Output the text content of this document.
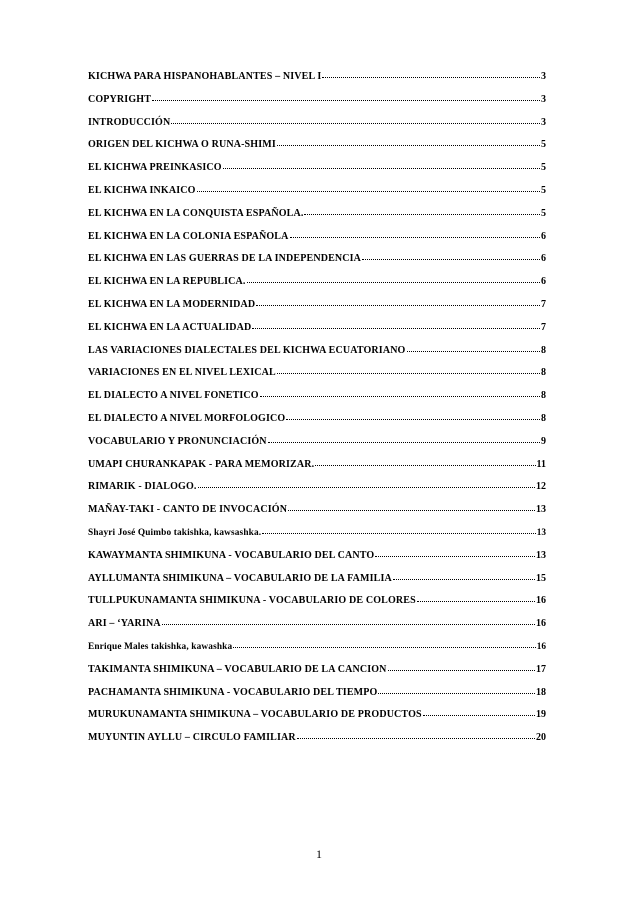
KICHWA PARA HISPANOHABLANTES – NIVEL I	3
COPYRIGHT	3
INTRODUCCIÓN	3
ORIGEN DEL KICHWA O RUNA-SHIMI	5
EL KICHWA PREINKASICO	5
EL KICHWA INKAICO	5
EL KICHWA EN LA CONQUISTA ESPAÑOLA.	5
EL KICHWA EN LA COLONIA ESPAÑOLA	6
EL KICHWA EN LAS GUERRAS DE LA INDEPENDENCIA	6
EL KICHWA EN LA REPUBLICA.	6
EL KICHWA EN LA MODERNIDAD	7
EL KICHWA EN LA ACTUALIDAD	7
LAS VARIACIONES DIALECTALES DEL KICHWA ECUATORIANO	8
VARIACIONES EN EL NIVEL LEXICAL	8
EL DIALECTO A NIVEL FONETICO	8
EL DIALECTO A NIVEL MORFOLOGICO	8
VOCABULARIO Y PRONUNCIACIÓN	9
UMAPI CHURANKAPAK - PARA MEMORIZAR.	11
RIMARIK - DIALOGO.	12
MAÑAY-TAKI - CANTO DE INVOCACIÓN	13
Shayri José Quimbo takishka, kawsashka.	13
KAWAYMANTA SHIMIKUNA - VOCABULARIO DEL CANTO	13
AYLLUMANTA SHIMIKUNA – VOCABULARIO DE LA FAMILIA	15
TULLPUKUNAMANTA SHIMIKUNA - VOCABULARIO DE COLORES	16
ARI – ‘YARINA	16
Enrique Males takishka, kawashka	16
TAKIMANTA SHIMIKUNA – VOCABULARIO DE LA CANCION	17
PACHAMANTA SHIMIKUNA - VOCABULARIO DEL TIEMPO	18
MURUKUNAMANTA SHIMIKUNA – VOCABULARIO DE PRODUCTOS	19
MUYUNTIN AYLLU – CIRCULO FAMILIAR	20
1
